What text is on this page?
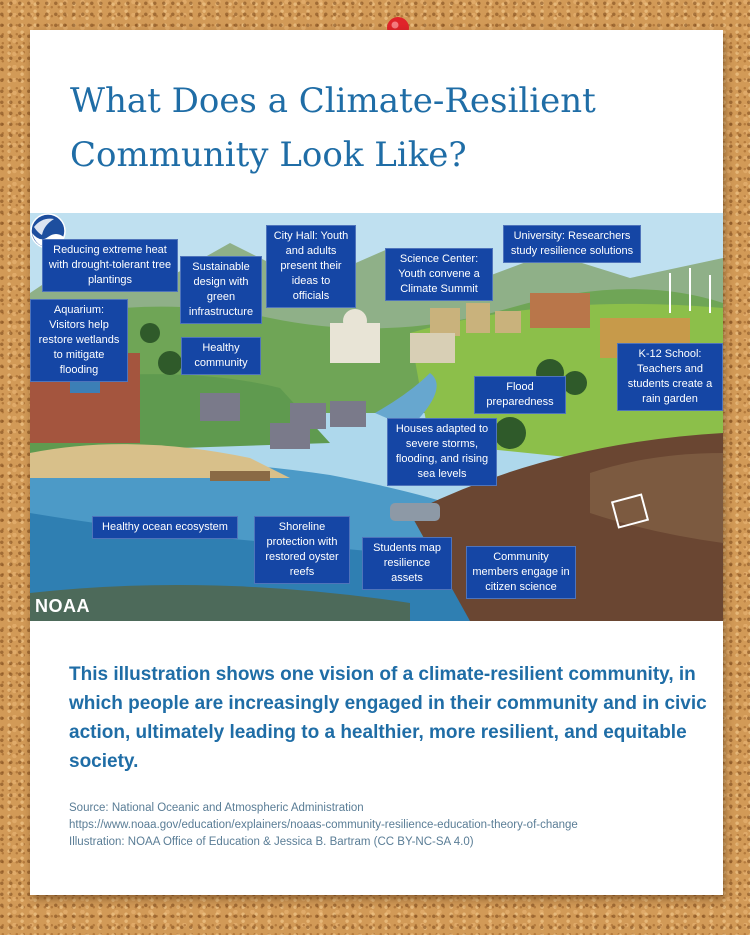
What Does a Climate-Resilient Community Look Like?
NOAA
Reducing extreme heat with drought-tolerant tree plantings
Sustainable design with green infrastructure
City Hall: Youth and adults present their ideas to officials
Science Center: Youth convene a Climate Summit
University: Researchers study resilience solutions
Aquarium: Visitors help restore wetlands to mitigate flooding
Healthy community
K-12 School: Teachers and students create a rain garden
Flood preparedness
Houses adapted to severe storms, flooding, and rising sea levels
Healthy ocean ecosystem	Shoreline protection with restored oyster reefs
Students map resilience assets
Community members engage in citizen science

This illustration shows one vision of a climate-resilient community, in which people are increasingly engaged in their community and in civic action, ultimately leading to a healthier, more resilient, and equitable society.

Source: National Oceanic and Atmospheric Administration
https://www.noaa.gov/education/explainers/noaas-community-resilience-education-theory-of-change
Illustration: NOAA Office of Education & Jessica B. Bartram (CC BY-NC-SA 4.0)
